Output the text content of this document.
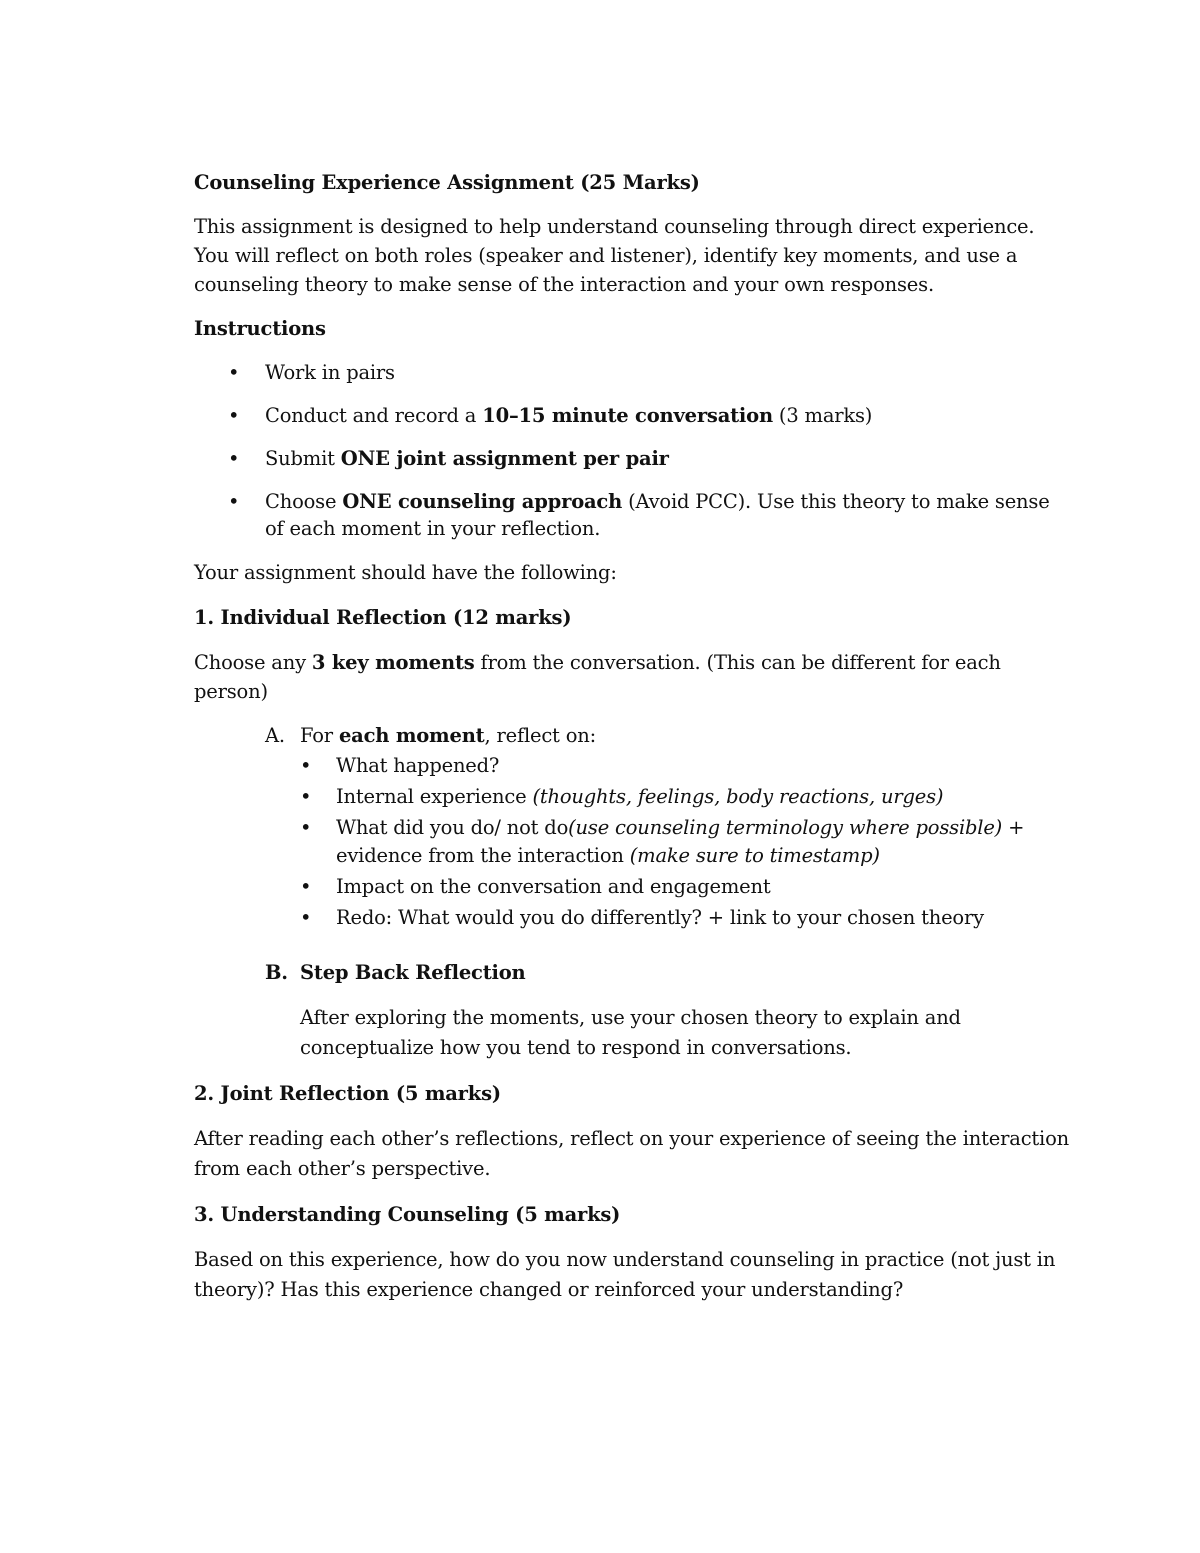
Counseling Experience Assignment (25 Marks)

This assignment is designed to help understand counseling through direct experience. You will reflect on both roles (speaker and listener), identify key moments, and use a counseling theory to make sense of the interaction and your own responses.

Instructions

• Work in pairs
• Conduct and record a 10–15 minute conversation (3 marks)
• Submit ONE joint assignment per pair
• Choose ONE counseling approach (Avoid PCC). Use this theory to make sense of each moment in your reflection.

Your assignment should have the following:

1. Individual Reflection (12 marks)

Choose any 3 key moments from the conversation. (This can be different for each person)

A. For each moment, reflect on:

• What happened?
• Internal experience (thoughts, feelings, body reactions, urges)
• What did you do/ not do(use counseling terminology where possible) + evidence from the interaction (make sure to timestamp)
• Impact on the conversation and engagement
• Redo: What would you do differently? + link to your chosen theory
B. Step Back Reflection

After exploring the moments, use your chosen theory to explain and conceptualize how you tend to respond in conversations.

2. Joint Reflection (5 marks)

After reading each other’s reflections, reflect on your experience of seeing the interaction from each other’s perspective.

3. Understanding Counseling (5 marks)

Based on this experience, how do you now understand counseling in practice (not just in theory)? Has this experience changed or reinforced your understanding?
